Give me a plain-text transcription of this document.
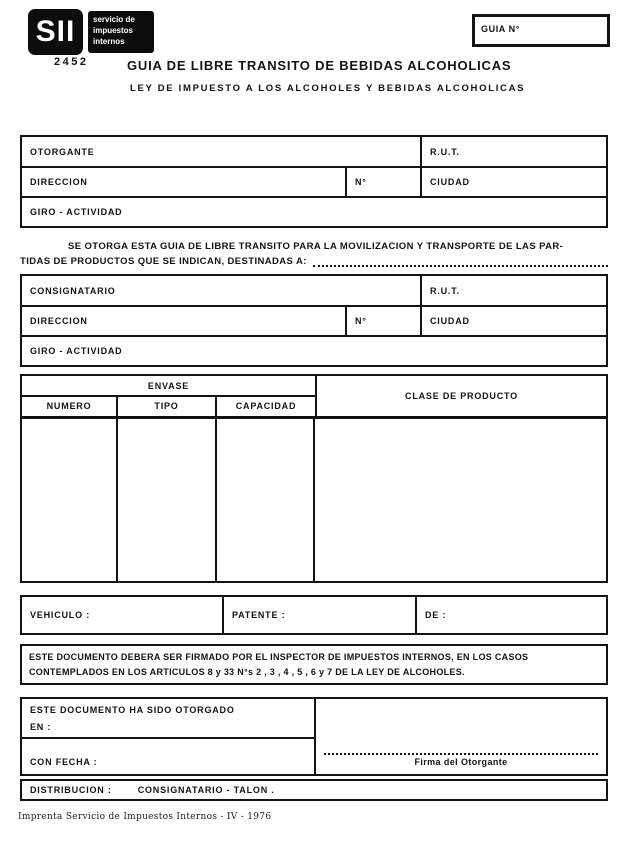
SII	servicio de
impuestos
internos
GUIA N°
2452	GUIA DE LIBRE TRANSITO DE BEBIDAS ALCOHOLICAS
LEY DE IMPUESTO A LOS ALCOHOLES Y BEBIDAS ALCOHOLICAS
OTORGANTE	R.U.T.
DIRECCION	N°	CIUDAD
GIRO - ACTIVIDAD
SE OTORGA ESTA GUIA DE LIBRE TRANSITO PARA LA MOVILIZACION Y TRANSPORTE DE LAS PAR-
TIDAS DE PRODUCTOS QUE SE INDICAN, DESTINADAS A:
CONSIGNATARIO	R.U.T.
DIRECCION	N°	CIUDAD
GIRO - ACTIVIDAD
ENVASE
NUMERO	TIPO	CAPACIDAD
CLASE DE PRODUCTO
VEHICULO :	PATENTE :	DE :
ESTE DOCUMENTO DEBERA SER FIRMADO POR EL INSPECTOR DE IMPUESTOS INTERNOS, EN LOS CASOS
CONTEMPLADOS EN LOS ARTICULOS 8 y 33 N°s 2 , 3 , 4 , 5 , 6 y 7 DE LA LEY DE ALCOHOLES.
ESTE DOCUMENTO HA SIDO OTORGADO
EN :
CON FECHA :	Firma del Otorgante
DISTRIBUCION :	CONSIGNATARIO - TALON .
Imprenta Servicio de Impuestos Internos - IV - 1976
